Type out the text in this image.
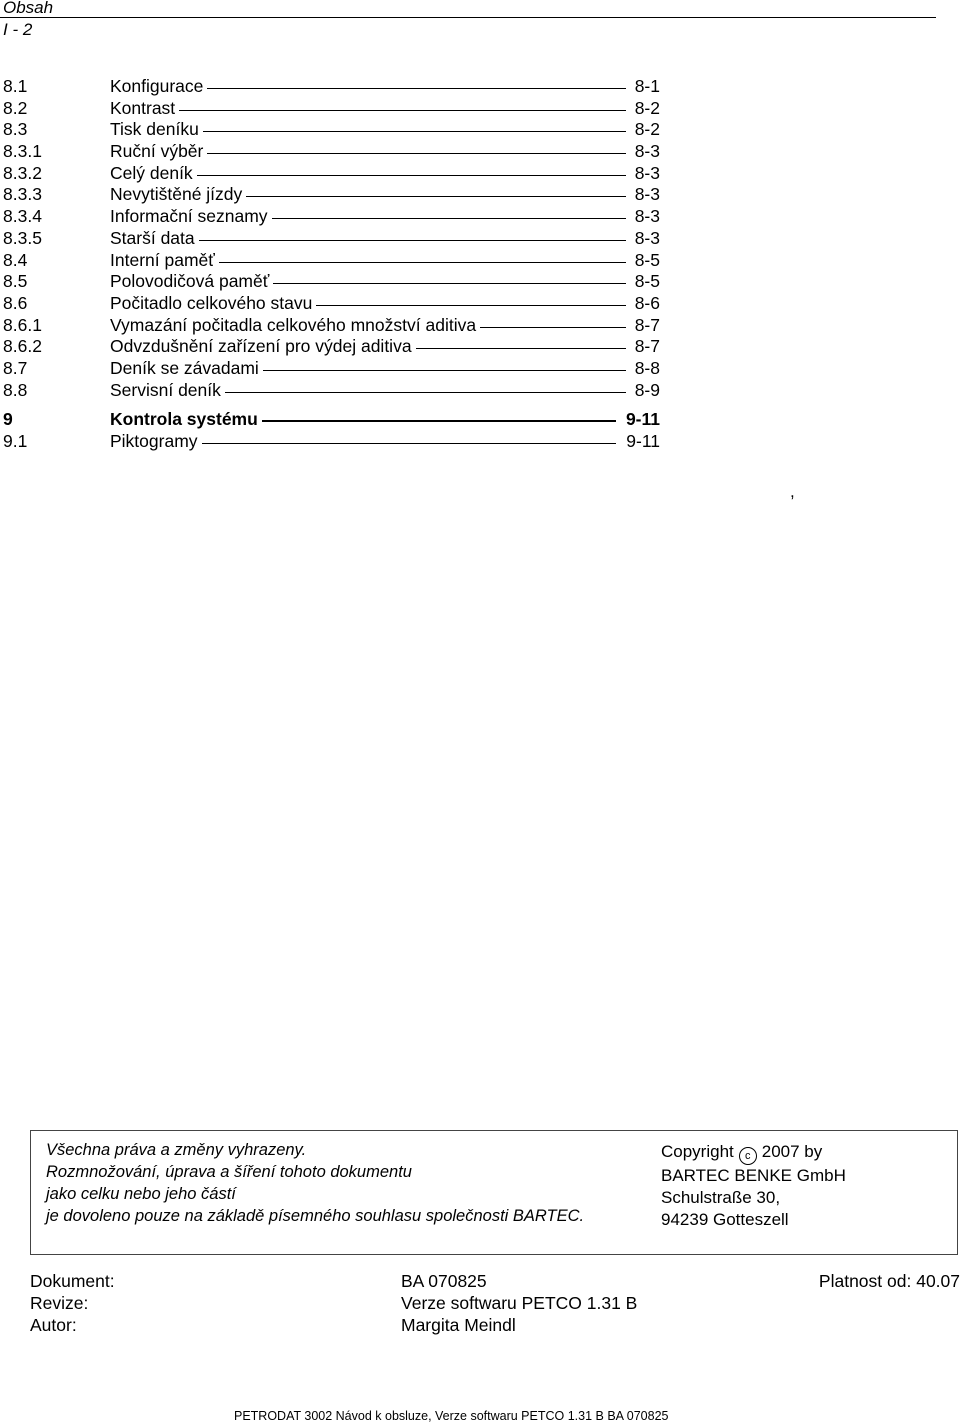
Obsah
I - 2
8.1	Konfigurace	8-1
8.2	Kontrast	8-2
8.3	Tisk deníku	8-2
8.3.1	Ruční výběr	8-3
8.3.2	Celý deník	8-3
8.3.3	Nevytištěné jízdy	8-3
8.3.4	Informační seznamy	8-3
8.3.5	Starší data	8-3
8.4	Interní paměť	8-5
8.5	Polovodičová paměť	8-5
8.6	Počitadlo celkového stavu	8-6
8.6.1	Vymazání počitadla celkového množství aditiva	8-7
8.6.2	Odvzdušnění zařízení pro výdej aditiva	8-7
8.7	Deník se závadami	8-8
8.8	Servisní deník	8-9
9	Kontrola systému	9-11
9.1	Piktogramy	9-11
,
Všechna práva a změny vyhrazeny.
Rozmnožování, úprava a šíření tohoto dokumentu
jako celku nebo jeho částí
je dovoleno pouze na základě písemného souhlasu společnosti BARTEC.
Copyright c 2007 by
BARTEC BENKE GmbH
Schulstraße 30,
94239 Gotteszell
Dokument:	BA 070825	Platnost od: 40.07
Revize:	Verze softwaru PETCO 1.31 B
Autor:	Margita Meindl
PETRODAT 3002 Návod k obsluze, Verze softwaru PETCO 1.31 B BA 070825
